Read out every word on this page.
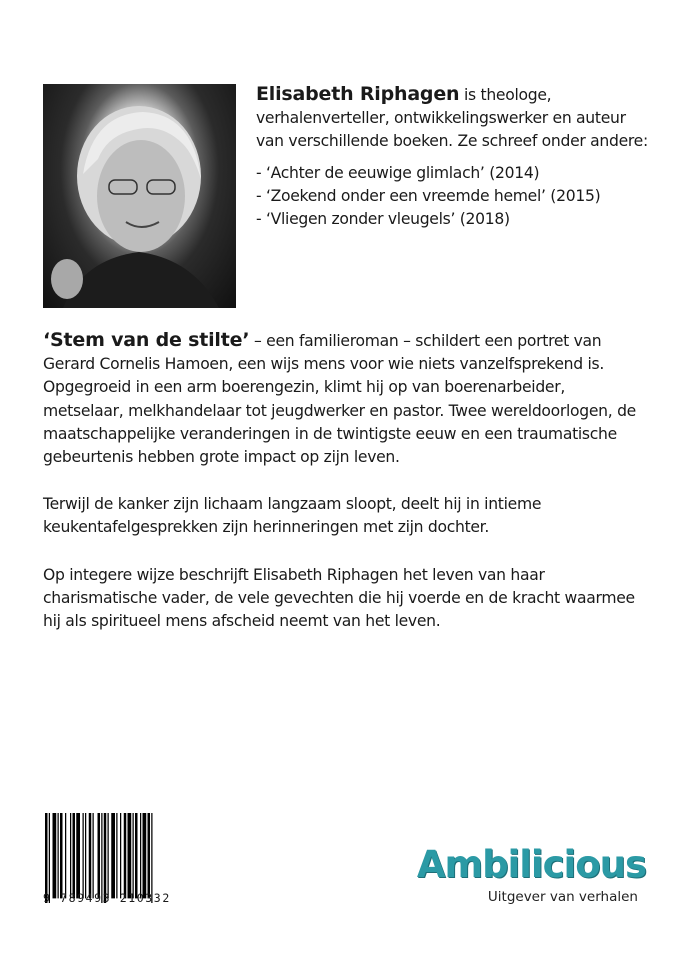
Elisabeth Riphagen is theologe,
verhalenverteller, ontwikkelingswerker en auteur
van verschillende boeken. Ze schreef onder andere:
- ‘Achter de eeuwige glimlach’ (2014)
- ‘Zoekend onder een vreemde hemel’ (2015)
- ‘Vliegen zonder vleugels’ (2018)

‘Stem van de stilte’ – een familieroman – schildert een portret van Gerard Cornelis Hamoen, een wijs mens voor wie niets vanzelfsprekend is. Opgegroeid in een arm boerengezin, klimt hij op van boerenarbeider, metselaar, melkhandelaar tot jeugdwerker en pastor. Twee wereldoorlogen, de maatschappelijke veranderingen in de twintigste eeuw en een traumatische gebeurtenis hebben grote impact op zijn leven.

Terwijl de kanker zijn lichaam langzaam sloopt, deelt hij in intieme keukentafelgesprekken zijn herinneringen met zijn dochter.

Op integere wijze beschrijft Elisabeth Riphagen het leven van haar charismatische vader, de vele gevechten die hij voerde en de kracht waarmee hij als spiritueel mens afscheid neemt van het leven.

9 789493 210332
Ambilicious
Uitgever van verhalen
